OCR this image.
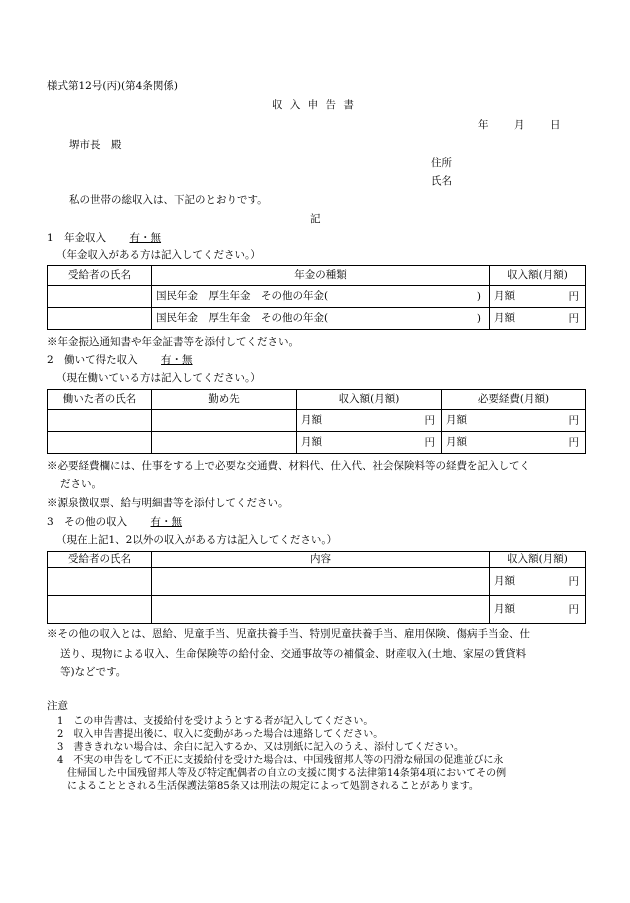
様式第12号(丙)(第4条関係)
収 入 申 告 書
年 月 日
堺市長　殿
住所
氏名
私の世帯の総収入は、下記のとおりです。
記
1　年金収入 有・無
（年金収入がある方は記入してください。）
受給者の氏名	年金の種類	収入額(月額)
	国民年金　厚生年金　その他の年金( )	月額 円

	国民年金　厚生年金　その他の年金( )	月額 円
※年金振込通知書や年金証書等を添付してください。
2　働いて得た収入 有・無
（現在働いている方は記入してください。）
働いた者の氏名	勤め先	収入額(月額)	必要経費(月額)
		月額 円	月額 円

		月額 円	月額 円
※必要経費欄には、仕事をする上で必要な交通費、材料代、仕入代、社会保険料等の経費を記入してく
ださい。
※源泉徴収票、給与明細書等を添付してください。
3　その他の収入 有・無
（現在上記1、2以外の収入がある方は記入してください。）
受給者の氏名	内容	収入額(月額)
		月額 円

		月額 円
※その他の収入とは、恩給、児童手当、児童扶養手当、特別児童扶養手当、雇用保険、傷病手当金、仕
送り、現物による収入、生命保険等の給付金、交通事故等の補償金、財産収入(土地、家屋の賃貸料
等)などです。
注意
1　この申告書は、支援給付を受けようとする者が記入してください。
2　収入申告書提出後に、収入に変動があった場合は連絡してください。
3　書ききれない場合は、余白に記入するか、又は別紙に記入のうえ、添付してください。
4　不実の申告をして不正に支援給付を受けた場合は、中国残留邦人等の円滑な帰国の促進並びに永
住帰国した中国残留邦人等及び特定配偶者の自立の支援に関する法律第14条第4項においてその例
によることとされる生活保護法第85条又は刑法の規定によって処罰されることがあります。
